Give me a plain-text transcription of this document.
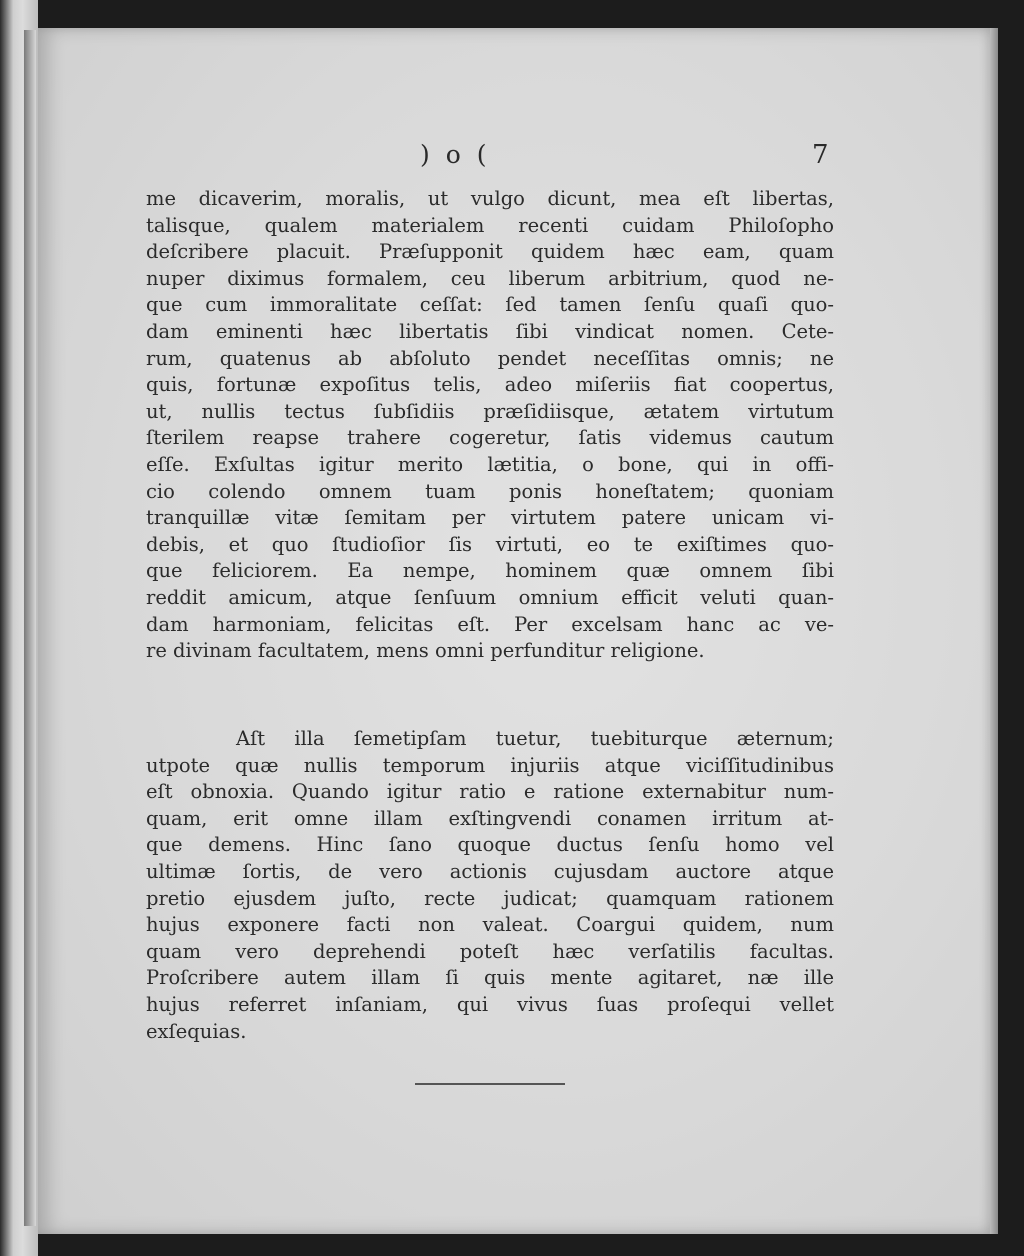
) o (	7
me dicaverim, moralis, ut vulgo dicunt, mea eſt libertas,
talisque, qualem materialem recenti cuidam Philoſopho
deſcribere placuit. Præſupponit quidem hæc eam, quam
nuper diximus formalem, ceu liberum arbitrium, quod ne-
que cum immoralitate ceſſat: ſed tamen ſenſu quaſi quo-
dam eminenti hæc libertatis ſibi vindicat nomen. Cete-
rum, quatenus ab abſoluto pendet neceſſitas omnis; ne
quis, fortunæ expoſitus telis, adeo miſeriis fiat coopertus,
ut, nullis tectus ſubſidiis præſidiisque, ætatem virtutum
ſterilem reapse trahere cogeretur, ſatis videmus cautum
eſſe. Exſultas igitur merito lætitia, o bone, qui in offi-
cio colendo omnem tuam ponis honeſtatem; quoniam
tranquillæ vitæ ſemitam per virtutem patere unicam vi-
debis, et quo ſtudioſior ſis virtuti, eo te exiſtimes quo-
que feliciorem. Ea nempe, hominem quæ omnem ſibi
reddit amicum, atque ſenſuum omnium efficit veluti quan-
dam harmoniam, felicitas eſt. Per excelsam hanc ac ve-
re divinam facultatem, mens omni perfunditur religione.
Aſt illa ſemetipſam tuetur, tuebiturque æternum;
utpote quæ nullis temporum injuriis atque viciſſitudinibus
eſt obnoxia. Quando igitur ratio e ratione externabitur num-
quam, erit omne illam exſtingvendi conamen irritum at-
que demens. Hinc ſano quoque ductus ſenſu homo vel
ultimæ ſortis, de vero actionis cujusdam auctore atque
pretio ejusdem juſto, recte judicat; quamquam rationem
hujus exponere facti non valeat. Coargui quidem, num
quam vero deprehendi poteſt hæc verſatilis facultas.
Proſcribere autem illam ſi quis mente agitaret, næ ille
hujus referret inſaniam, qui vivus ſuas proſequi vellet
exſequias.
